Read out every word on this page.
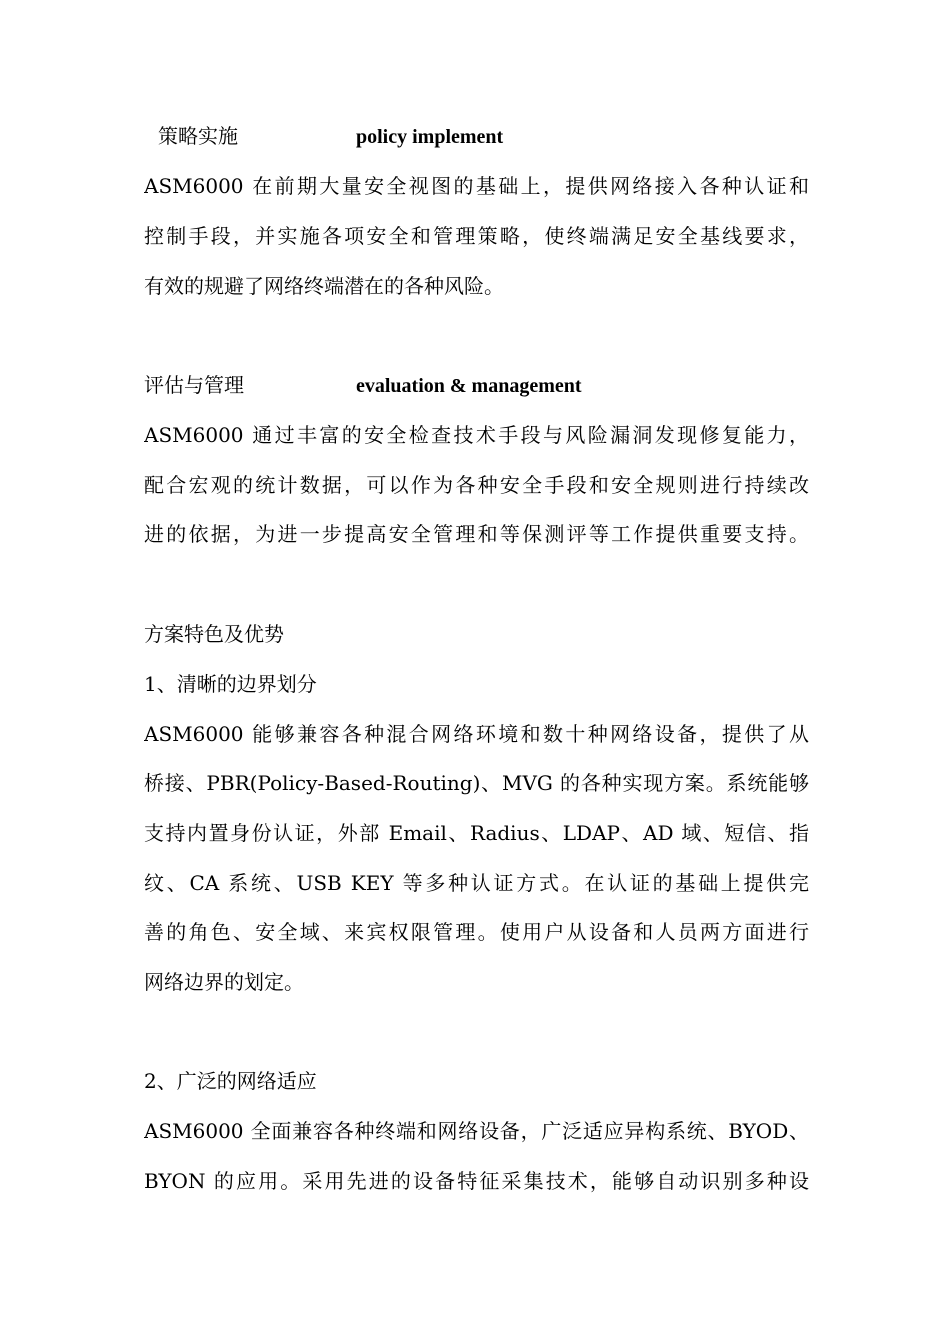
策略实施	policy implement
ASM6000 在前期大量安全视图的基础上，提供网络接入各种认证和
控制手段，并实施各项安全和管理策略，使终端满足安全基线要求，
有效的规避了网络终端潜在的各种风险。
评估与管理	evaluation & management
ASM6000 通过丰富的安全检查技术手段与风险漏洞发现修复能力，
配合宏观的统计数据，可以作为各种安全手段和安全规则进行持续改
进的依据，为进一步提高安全管理和等保测评等工作提供重要支持。
方案特色及优势
1、清晰的边界划分
ASM6000 能够兼容各种混合网络环境和数十种网络设备，提供了从
桥接、PBR(Policy-Based-Routing)、MVG 的各种实现方案。系统能够
支持内置身份认证，外部 Email、Radius、LDAP、AD 域、短信、指
纹、CA 系统、USB KEY 等多种认证方式。在认证的基础上提供完
善的角色、安全域、来宾权限管理。使用户从设备和人员两方面进行
网络边界的划定。
2、广泛的网络适应
ASM6000 全面兼容各种终端和网络设备，广泛适应异构系统、BYOD、
BYON 的应用。采用先进的设备特征采集技术，能够自动识别多种设
